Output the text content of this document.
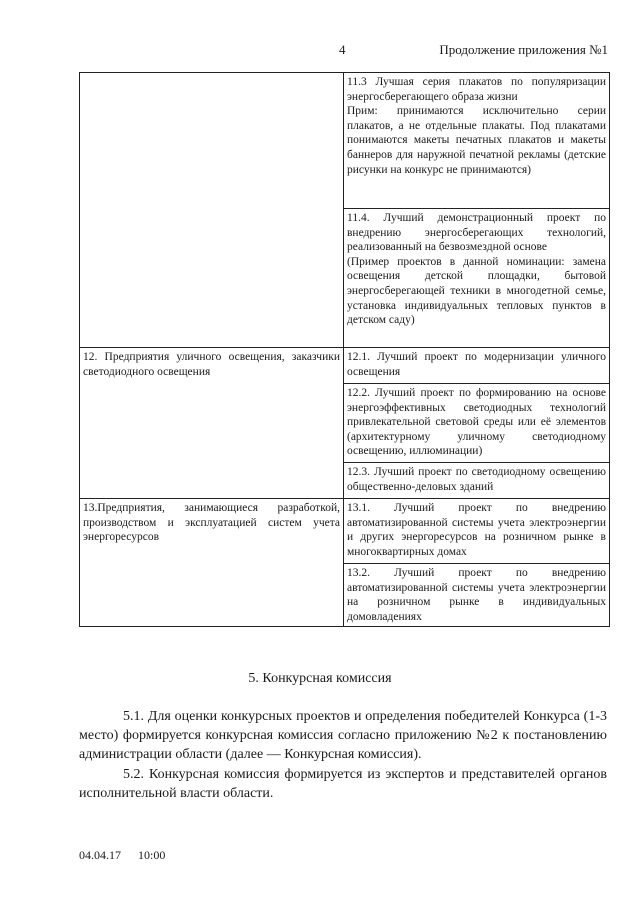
4	Продолжение приложения №1

	11.3 Лучшая серия плакатов по популяризации энергосберегающего образа жизни
Прим: принимаются исключительно серии плакатов, а не отдельные плакаты. Под плакатами понимаются макеты печатных плакатов и макеты баннеров для наружной печатной рекламы (детские рисунки на конкурс не принимаются)

	11.4. Лучший демонстрационный проект по внедрению энергосберегающих технологий, реализованный на безвозмездной основе
(Пример проектов в данной номинации: замена освещения детской площадки, бытовой энергосберегающей техники в многодетной семье, установка индивидуальных тепловых пунктов в детском саду)

12. Предприятия уличного освещения, заказчики светодиодного освещения	12.1. Лучший проект по модернизации уличного освещения

	12.2. Лучший проект по формированию на основе энергоэффективных светодиодных технологий привлекательной световой среды или её элементов (архитектурному уличному светодиодному освещению, иллюминации)

	12.3. Лучший проект по светодиодному освещению общественно-деловых зданий

13.Предприятия, занимающиеся разработкой, производством и эксплуатацией систем учета энергоресурсов	13.1. Лучший проект по внедрению автоматизированной системы учета электроэнергии и других энергоресурсов на розничном рынке в многоквартирных домах

	13.2. Лучший проект по внедрению автоматизированной системы учета электроэнергии на розничном рынке в индивидуальных домовладениях
5. Конкурсная комиссия
5.1. Для оценки конкурсных проектов и определения победителей Конкурса (1-3 место) формируется конкурсная комиссия согласно приложению №2 к постановлению администрации области (далее — Конкурсная комиссия).
5.2. Конкурсная комиссия формируется из экспертов и представителей органов исполнительной власти области.
04.04.17 10:00
